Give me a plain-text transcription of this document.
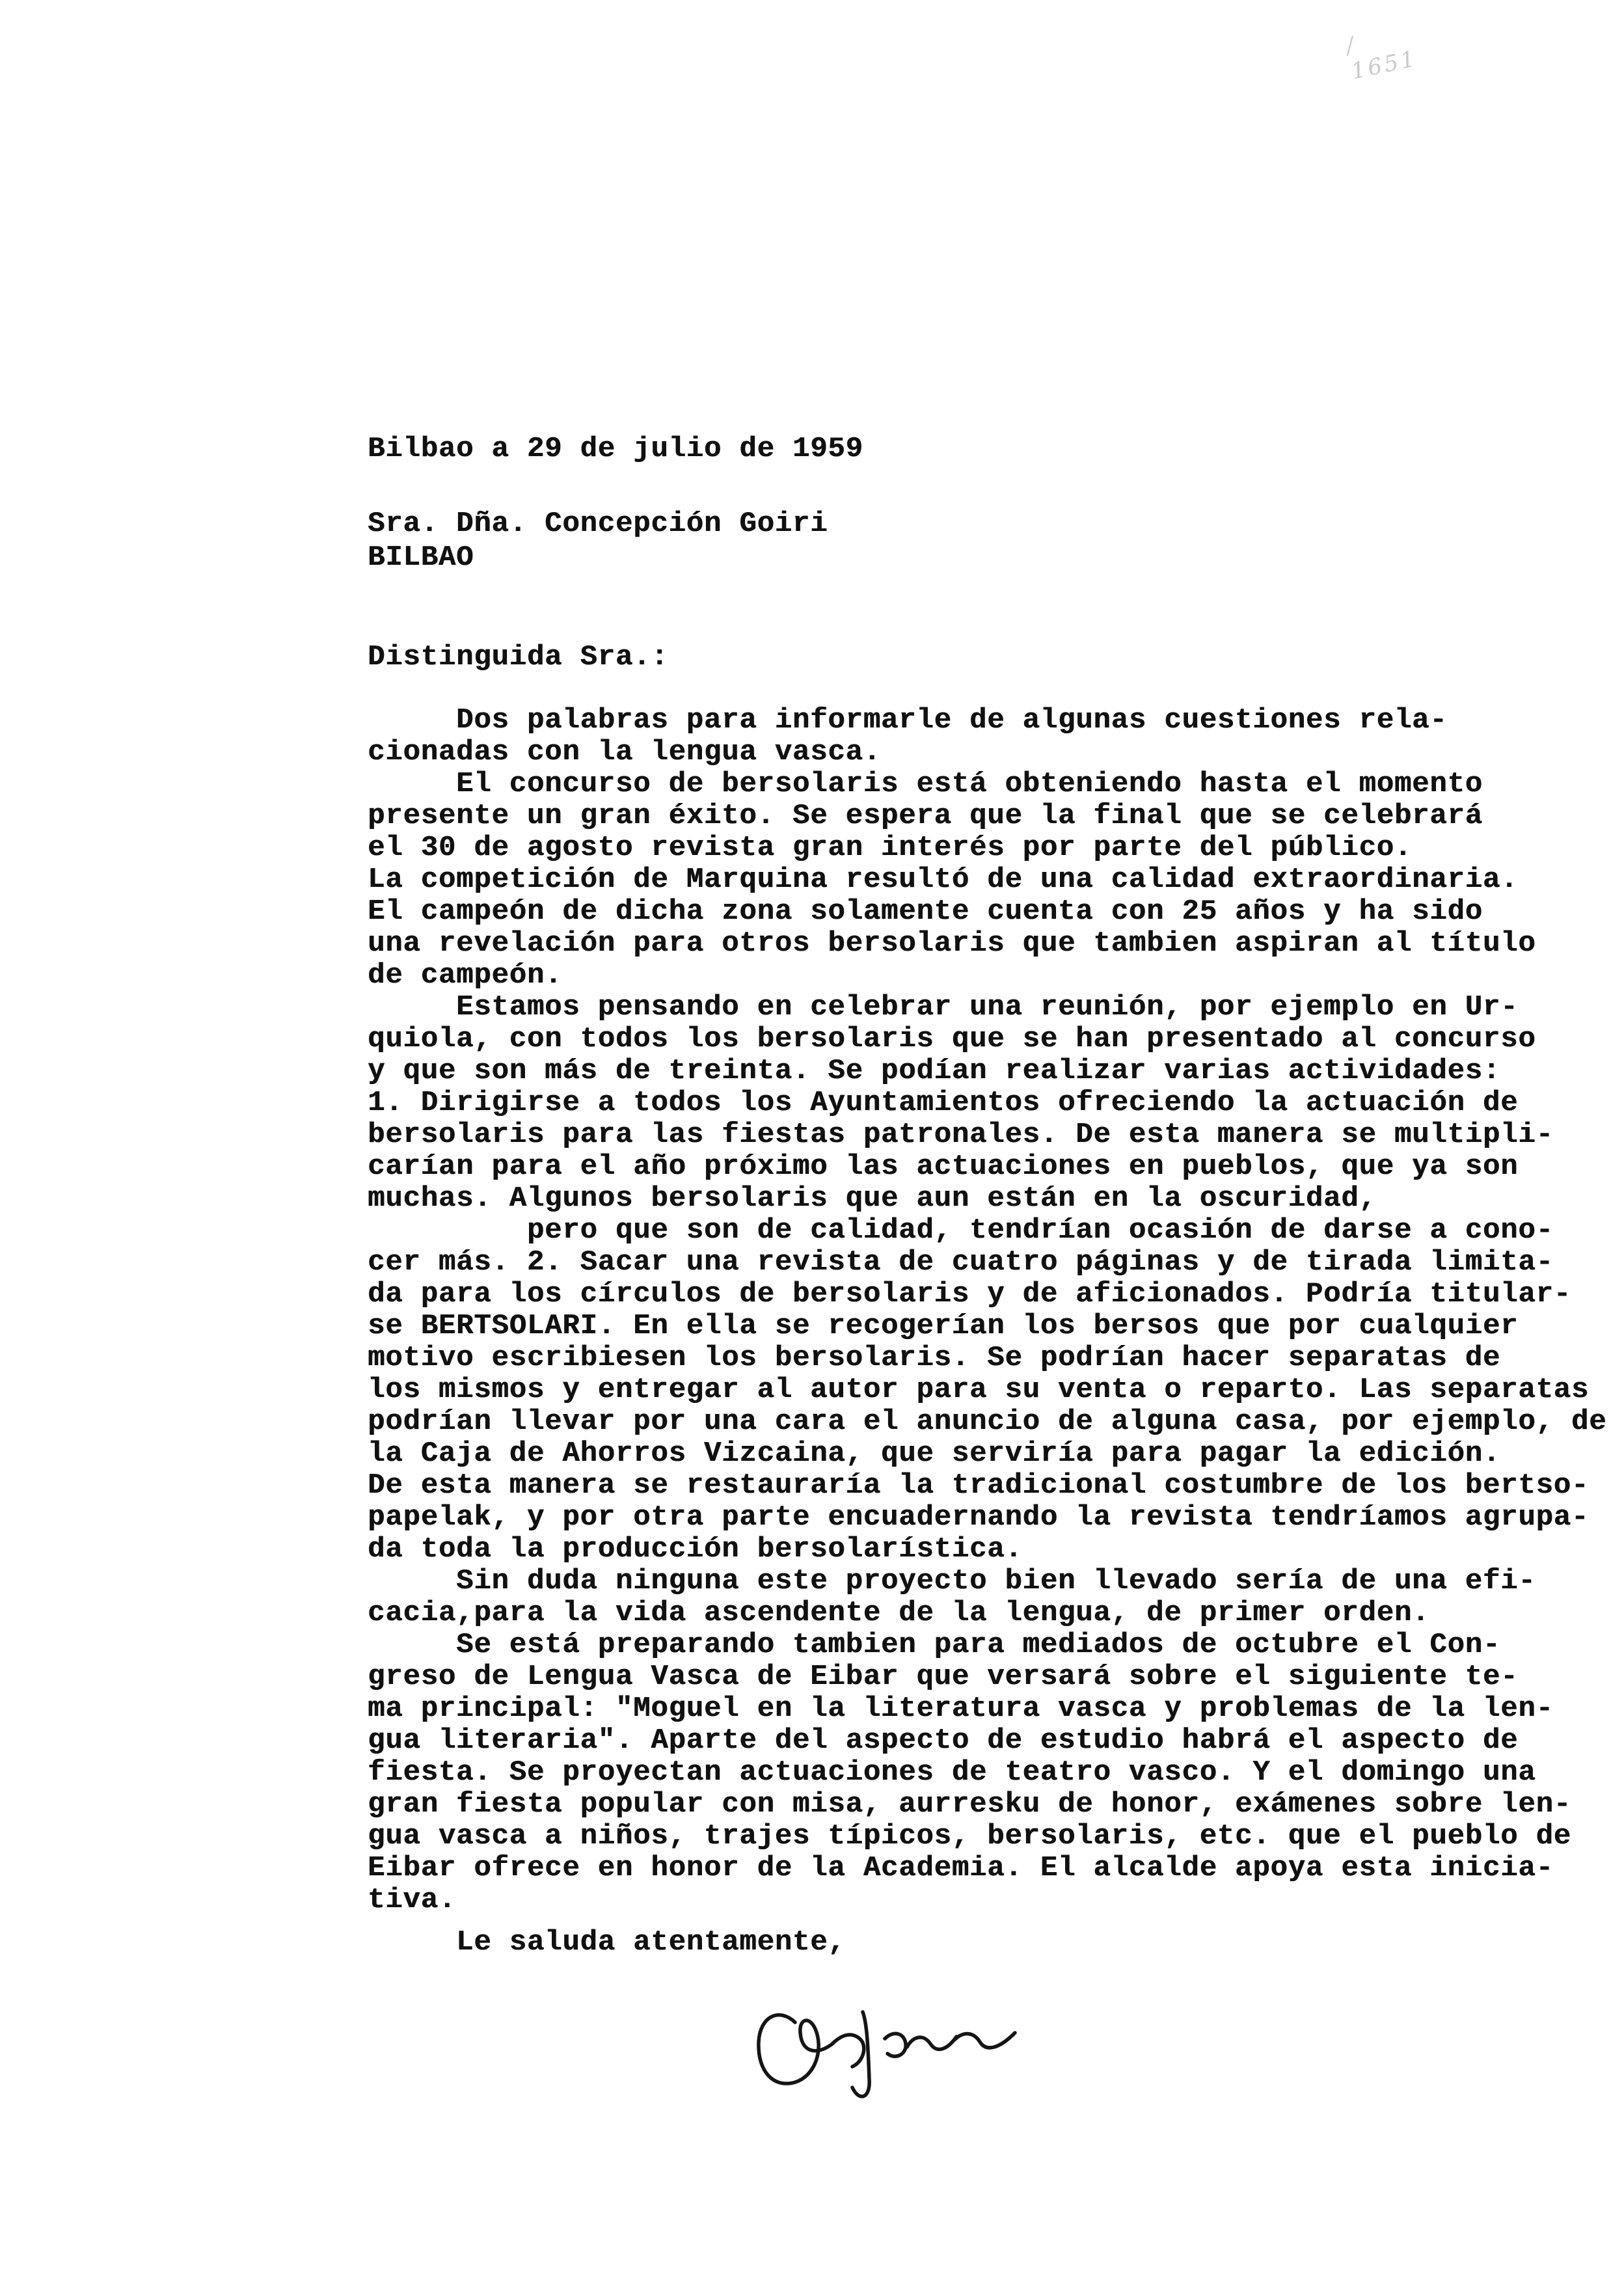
/ 1651
Bilbao a 29 de julio de 1959
Sra. Dña. Concepción Goiri
BILBAO
Distinguida Sra.:
Dos palabras para informarle de algunas cuestiones rela-
cionadas con la lengua vasca.
El concurso de bersolaris está obteniendo hasta el momento
presente un gran éxito. Se espera que la final que se celebrará
el 30 de agosto revista gran interés por parte del público.
La competición de Marquina resultó de una calidad extraordinaria.
El campeón de dicha zona solamente cuenta con 25 años y ha sido
una revelación para otros bersolaris que tambien aspiran al título
de campeón.
Estamos pensando en celebrar una reunión, por ejemplo en Ur-
quiola, con todos los bersolaris que se han presentado al concurso
y que son más de treinta. Se podían realizar varias actividades:
1. Dirigirse a todos los Ayuntamientos ofreciendo la actuación de
bersolaris para las fiestas patronales. De esta manera se multipli-
carían para el año próximo las actuaciones en pueblos, que ya son
muchas. Algunos bersolaris que aun están en la oscuridad,
pero que son de calidad, tendrían ocasión de darse a cono-
cer más. 2. Sacar una revista de cuatro páginas y de tirada limita-
da para los círculos de bersolaris y de aficionados. Podría titular-
se BERTSOLARI. En ella se recogerían los bersos que por cualquier
motivo escribiesen los bersolaris. Se podrían hacer separatas de
los mismos y entregar al autor para su venta o reparto. Las separatas
podrían llevar por una cara el anuncio de alguna casa, por ejemplo, de
la Caja de Ahorros Vizcaina, que serviría para pagar la edición.
De esta manera se restauraría la tradicional costumbre de los bertso-
papelak, y por otra parte encuadernando la revista tendríamos agrupa-
da toda la producción bersolarística.
Sin duda ninguna este proyecto bien llevado sería de una efi-
cacia,para la vida ascendente de la lengua, de primer orden.
Se está preparando tambien para mediados de octubre el Con-
greso de Lengua Vasca de Eibar que versará sobre el siguiente te-
ma principal: "Moguel en la literatura vasca y problemas de la len-
gua literaria". Aparte del aspecto de estudio habrá el aspecto de
fiesta. Se proyectan actuaciones de teatro vasco. Y el domingo una
gran fiesta popular con misa, aurresku de honor, exámenes sobre len-
gua vasca a niños, trajes típicos, bersolaris, etc. que el pueblo de
Eibar ofrece en honor de la Academia. El alcalde apoya esta inicia-
tiva.
Le saluda atentamente,
